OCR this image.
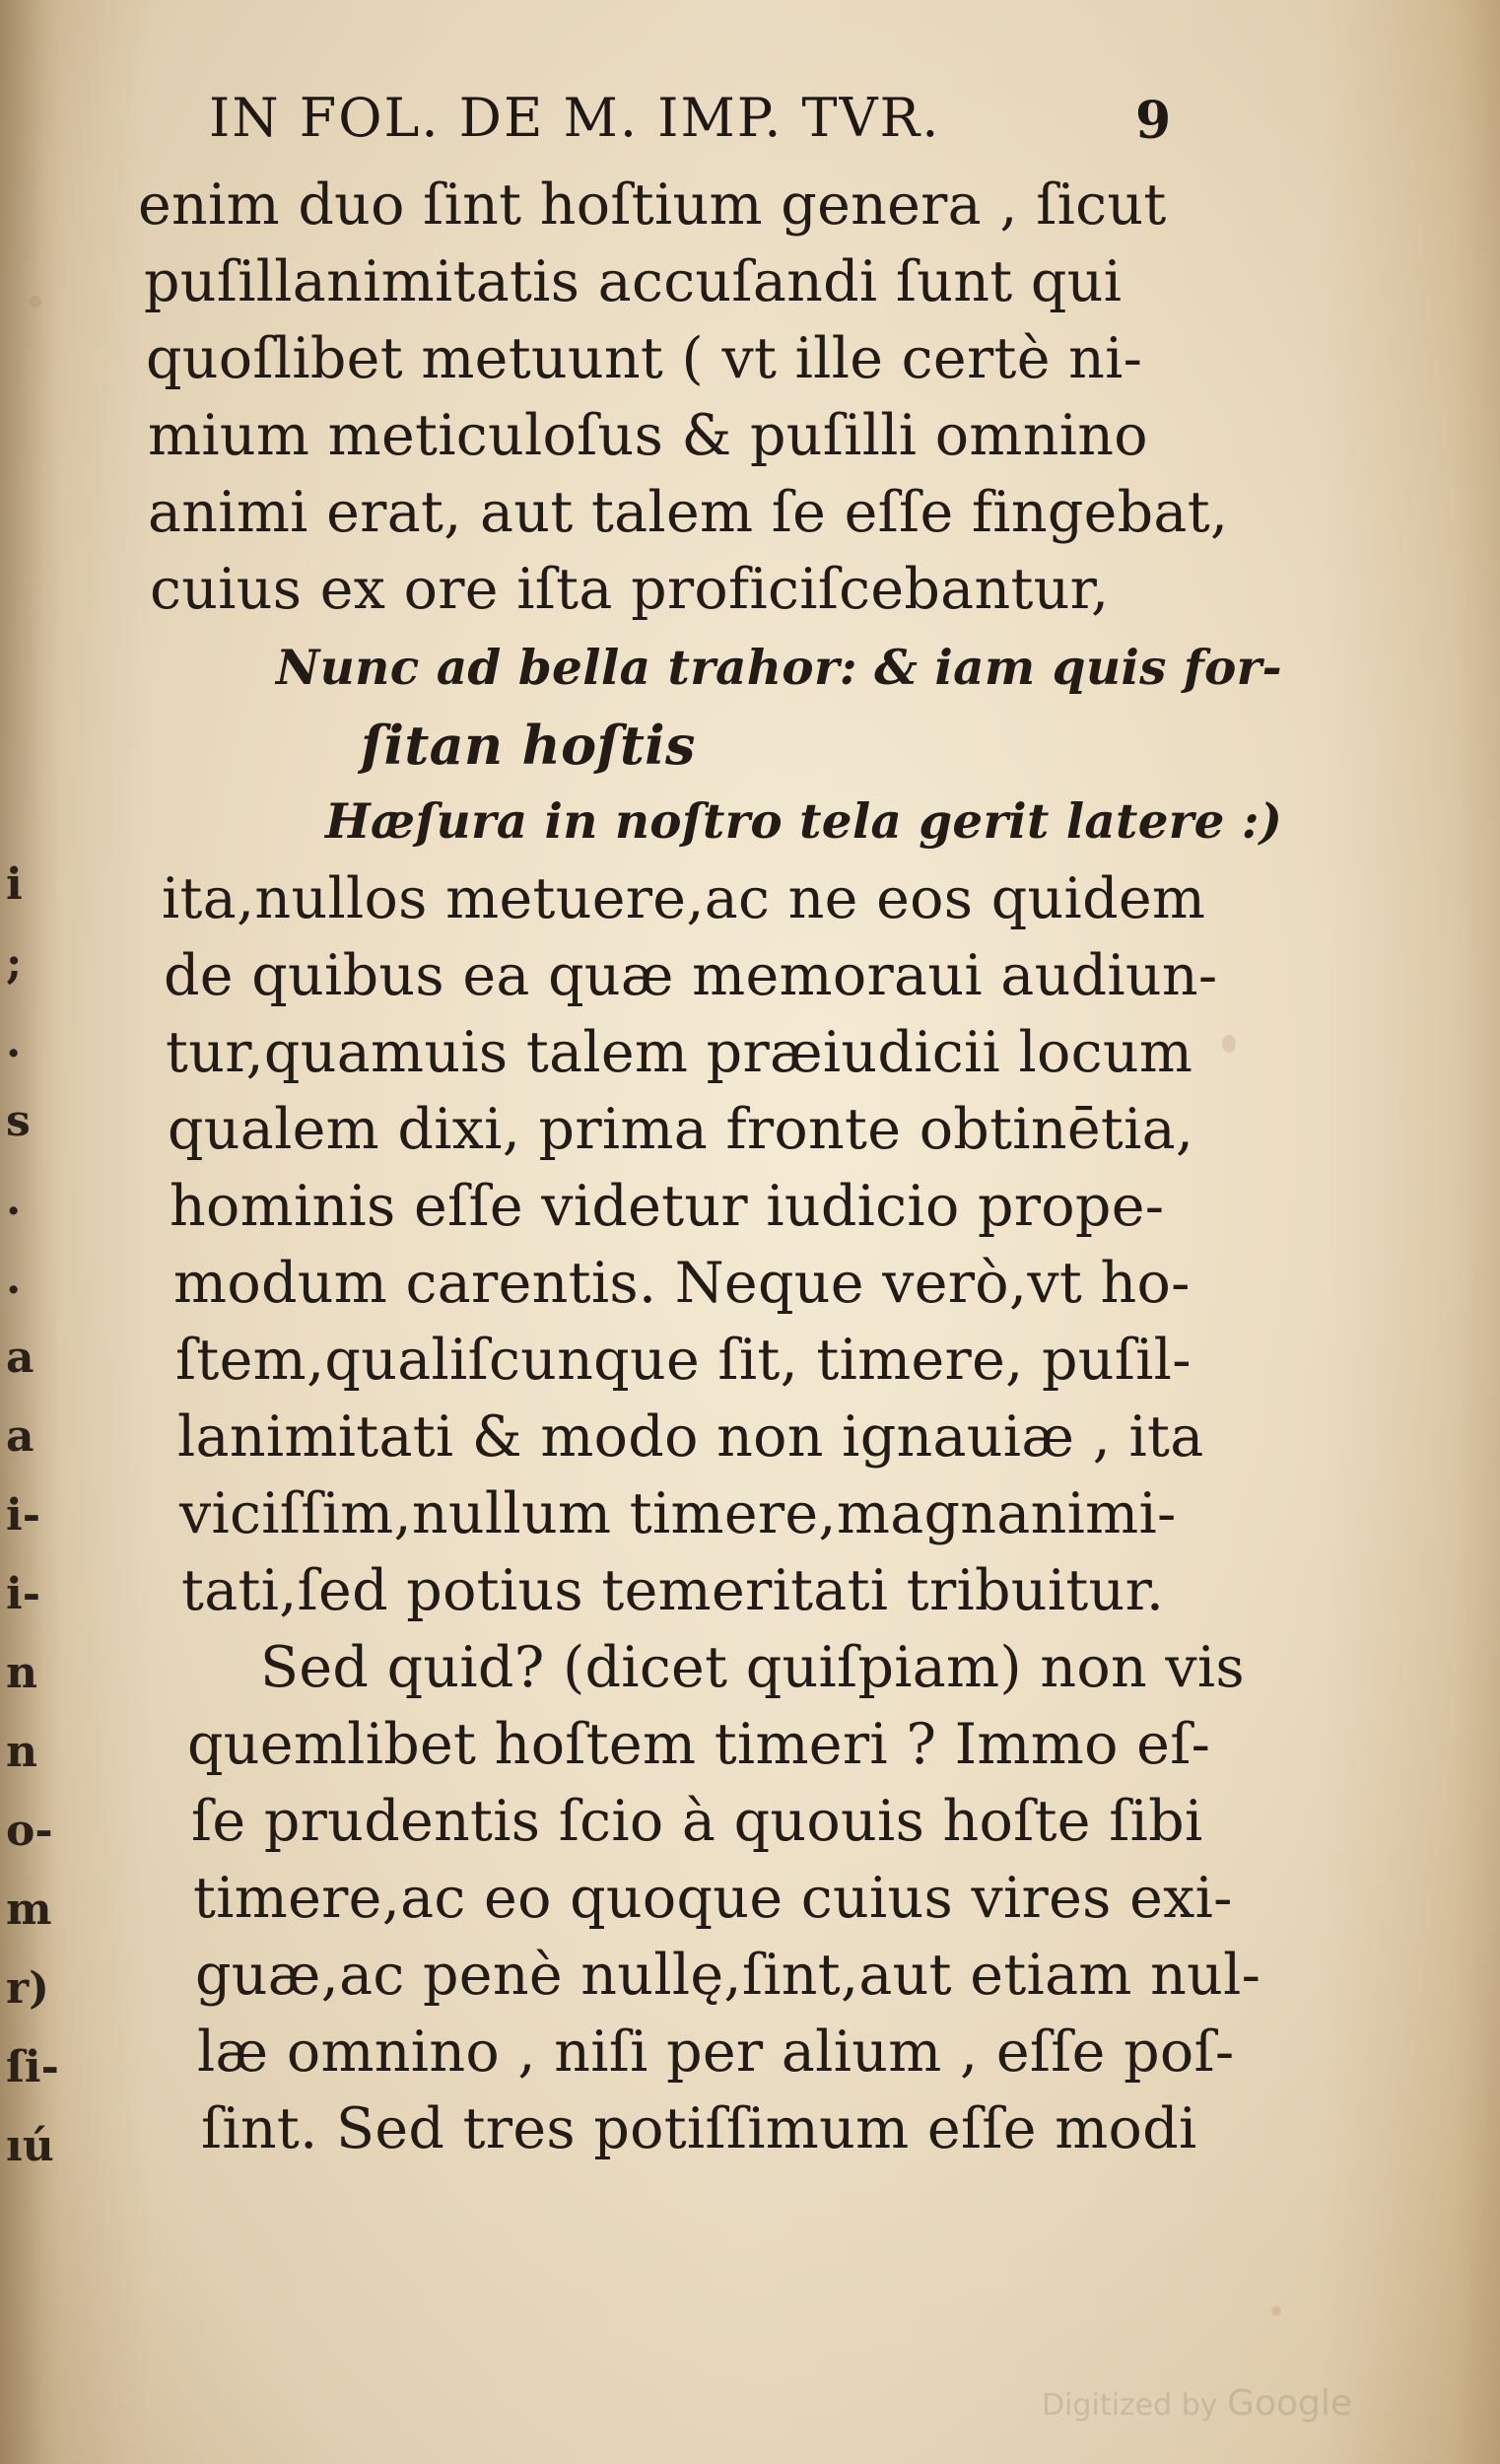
i
;
.
s
.
.
a
a
i-
i-
n
n
o-
m
r)
ſi-
ıú
IN FOL. DE M. IMP. TVR.	9
enim duo ſint hoſtium genera , ſicut
puſillanimitatis accuſandi ſunt qui
quoſlibet metuunt ( vt ille certè ni-
mium meticuloſus & puſilli omnino
animi erat, aut talem ſe eſſe fingebat,
cuius ex ore iſta proficiſcebantur,
Nunc ad bella trahor: & iam quis for-
ſitan hoſtis
Hæſura in noſtro tela gerit latere :)
ita,nullos metuere,ac ne eos quidem
de quibus ea quæ memoraui audiun-
tur,quamuis talem præiudicii locum
qualem dixi, prima fronte obtinētia,
hominis eſſe videtur iudicio prope-
modum carentis. Neque verò,vt ho-
ſtem,qualiſcunque ſit, timere, puſil-
lanimitati & modo non ignauiæ , ita
viciſſim,nullum timere,magnanimi-
tati,ſed potius temeritati tribuitur.
Sed quid? (dicet quiſpiam) non vis
quemlibet hoſtem timeri ? Immo eſ-
ſe prudentis ſcio à quouis hoſte ſibi
timere,ac eo quoque cuius vires exi-
guæ,ac penè nullę,ſint,aut etiam nul-
læ omnino , niſi per alium , eſſe poſ-
ſint. Sed tres potiſſimum eſſe modi
Digitized by Google
